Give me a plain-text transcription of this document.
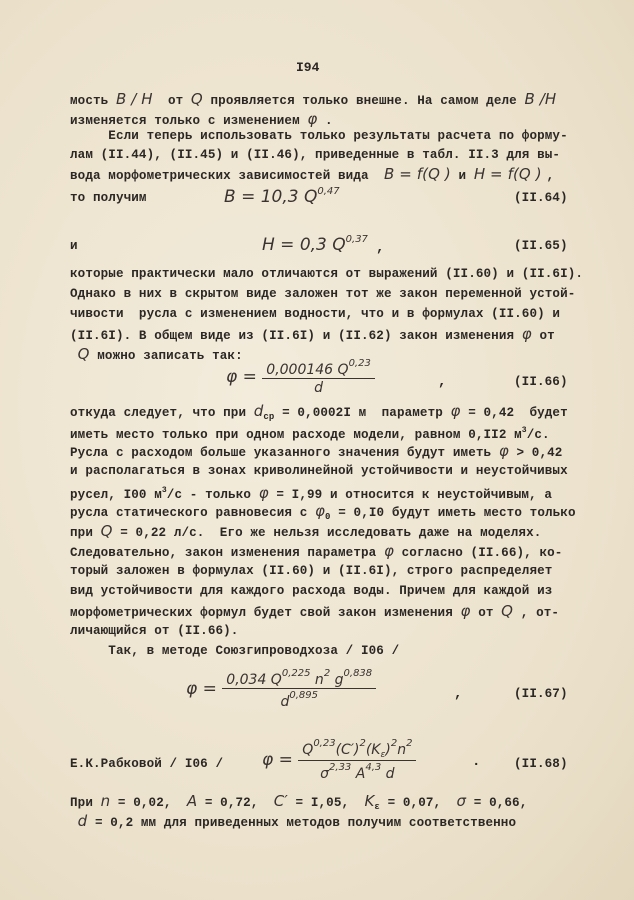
I94
мость B / H  от Q проявляется только внешне. На самом деле B /H
изменяется только с изменением φ .
Если теперь использовать только результаты расчета по форму-
лам (II.44), (II.45) и (II.46), приведенные в табл. II.3 для вы-
вода морфометрических зависимостей вида  B = f(Q ) и H = f(Q ) ,
то получим
и
которые практически мало отличаются от выражений (II.60) и (II.6I).
Однако в них в скрытом виде заложен тот же закон переменной устой-
чивости  русла с изменением водности, что и в формулах (II.60) и
(II.6I). В общем виде из (II.6I) и (II.62) закон изменения φ от
Q можно записать так:
откуда следует, что при $d_{ср} = 0,0002I$ м  параметр φ = 0,42  будет
иметь место только при одном расходе модели, равном 0,II2 $м^3/с$.
Русла с расходом больше указанного значения будут иметь φ > 0,42
и располагаться в зонах криволинейной устойчивости и неустойчивых
русел, I00 $м^3/с$ - только φ = I,99 и относится к неустойчивым, а
русла статического равновесия с $\varphi_0 = 0,I0$ будут иметь место только
при Q = 0,22 л/с.  Его же нельзя исследовать даже на моделях.
Следовательно, закон изменения параметра φ согласно (II.66), ко-
торый заложен в формулах (II.60) и (II.6I), строго распределяет
вид устойчивости для каждого расхода воды. Причем для каждой из
морфометрических формул будет свой закон изменения φ от Q , от-
личающийся от (II.66).
Так, в методе Союзгипроводхоза / I06 /
Е.К.Рабковой / I06 /
При n = 0,02,  A = 0,72,  C′ = I,05,  $K_\varepsilon = 0,07$,  σ = 0,66,
d = 0,2 мм для приведенных методов получим соответственно
B = 10,3 Q$^{0,47}$	(II.64)
H = 0,3 Q$^{0,37}$
,	(II.65)
$\varphi = \frac{0,000146 Q^{0,23}}{d}$	,	(II.66)
$\varphi = \frac{0,034 Q^{0,225} n^2 g^{0,838}}{d^{0,895}}$	,	(II.67)
$\varphi = \frac{Q^{0,23}(C')^2(K_\varepsilon)^2n^2}{\sigma^{2,33} A^{4,3} d}$	.	(II.68)
